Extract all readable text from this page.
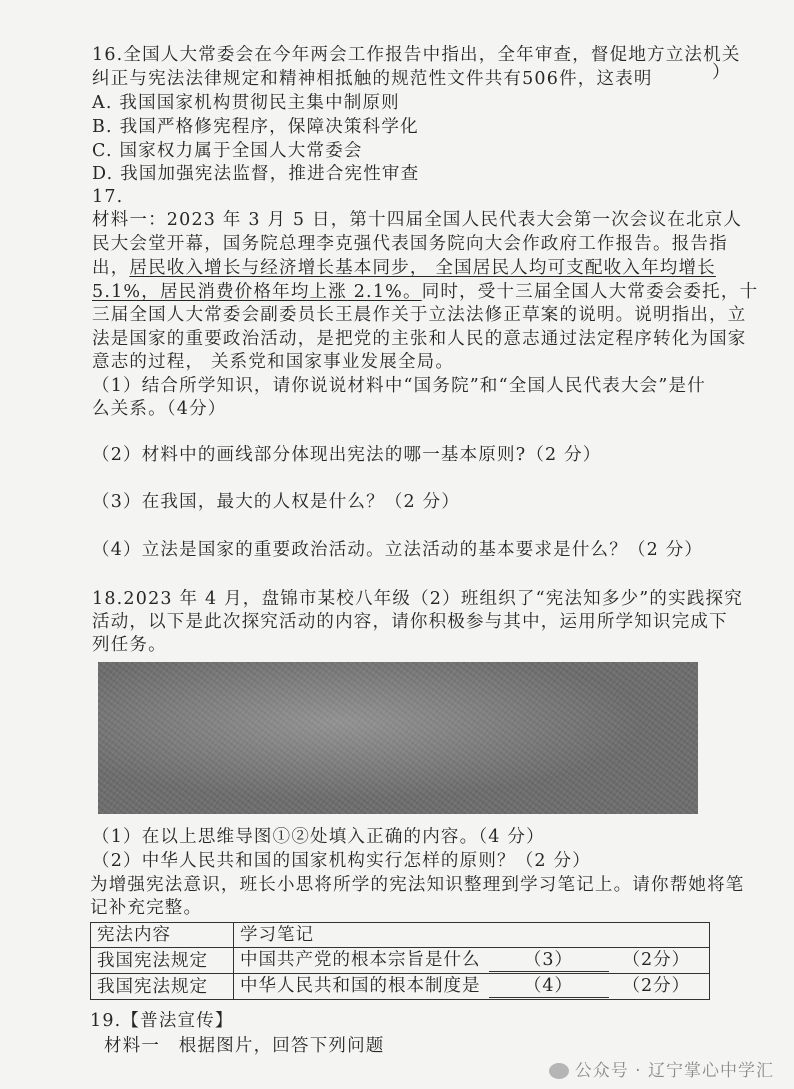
16.全国人大常委会在今年两会工作报告中指出，全年审查，督促地方立法机关
纠正与宪法法律规定和精神相抵触的规范性文件共有506件，这表明	）
A. 我国国家机构贯彻民主集中制原则
B. 我国严格修宪程序，保障决策科学化
C. 国家权力属于全国人大常委会
D. 我国加强宪法监督，推进合宪性审查
17.
材料一：2023 年 3 月 5 日，第十四届全国人民代表大会第一次会议在北京人
民大会堂开幕，国务院总理李克强代表国务院向大会作政府工作报告。报告指
出，居民收入增长与经济增长基本同步， 全国居民人均可支配收入年均增长
5.1%，居民消费价格年均上涨 2.1%。同时，受十三届全国人大常委会委托，十
三届全国人大常委会副委员长王晨作关于立法法修正草案的说明。说明指出，立
法是国家的重要政治活动，是把党的主张和人民的意志通过法定程序转化为国家
意志的过程， 关系党和国家事业发展全局。
（1）结合所学知识，请你说说材料中“国务院”和“全国人民代表大会”是什
么关系。（4分）
（2）材料中的画线部分体现出宪法的哪一基本原则?（2 分）
（3）在我国，最大的人权是什么？（2 分）
（4）立法是国家的重要政治活动。立法活动的基本要求是什么？（2 分）
18.2023 年 4 月，盘锦市某校八年级（2）班组织了“宪法知多少”的实践探究
活动，以下是此次探究活动的内容，请你积极参与其中，运用所学知识完成下
列任务。
（1）在以上思维导图①②处填入正确的内容。（4 分）
（2）中华人民共和国的国家机构实行怎样的原则？（2 分）
为增强宪法意识，班长小思将所学的宪法知识整理到学习笔记上。请你帮她将笔
记补充完整。
宪法内容	学习笔记
我国宪法规定	中国共产党的根本宗旨是什么 （3） （2分）
我国宪法规定	中华人民共和国的根本制度是 （4） （2分）
19.【普法宣传】
材料一　根据图片，回答下列问题
公众号 · 辽宁掌心中学汇
